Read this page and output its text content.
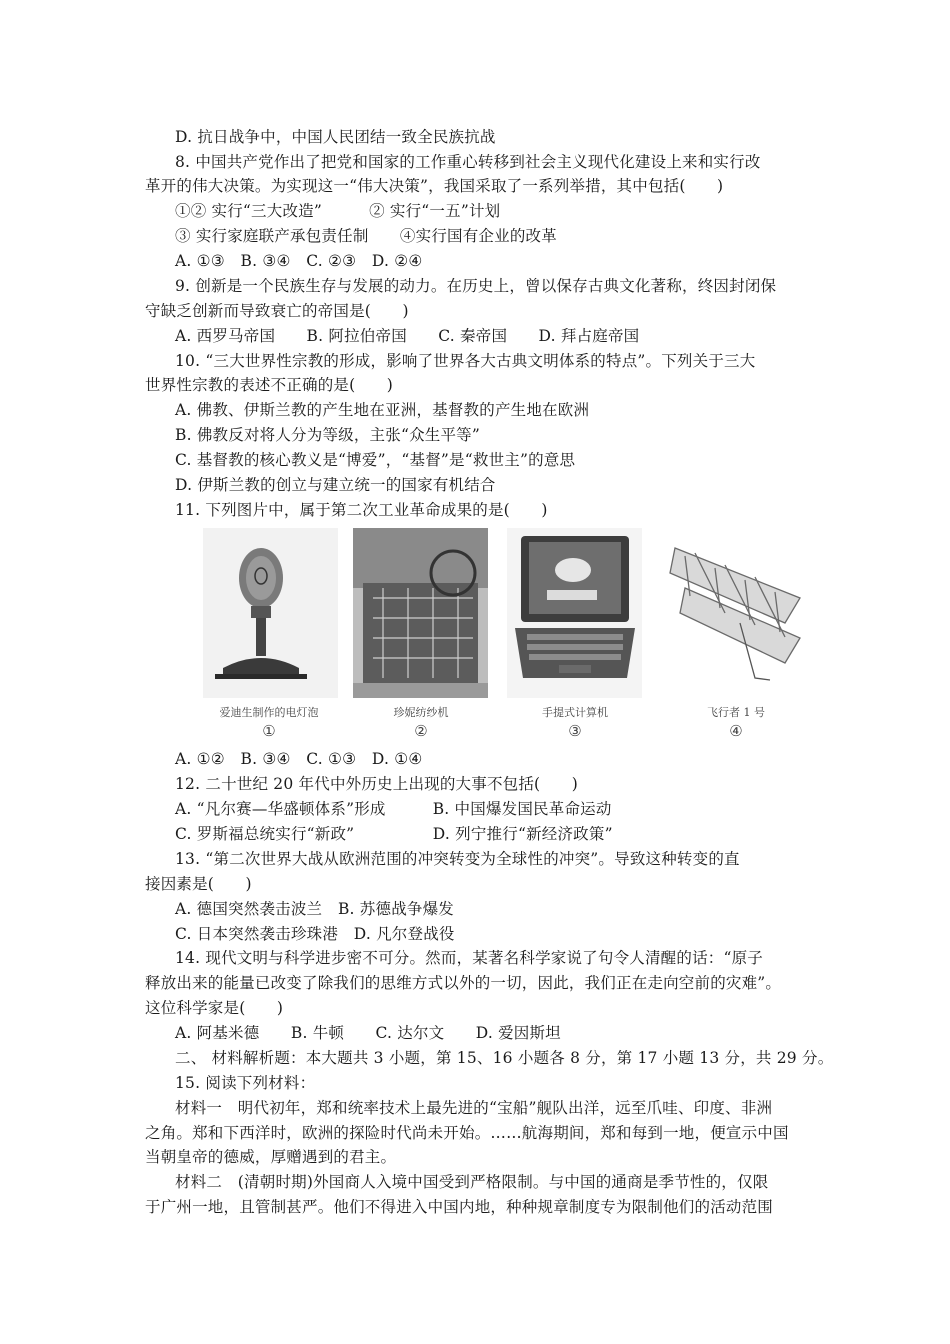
D. 抗日战争中，中国人民团结一致全民族抗战
8. 中国共产党作出了把党和国家的工作重心转移到社会主义现代化建设上来和实行改
革开的伟大决策。为实现这一“伟大决策”，我国采取了一系列举措，其中包括(　　)
①② 实行“三大改造”　　　② 实行“一五”计划
③ 实行家庭联产承包责任制　　④实行国有企业的改革
A. ①③　B. ③④　C. ②③　D. ②④
9. 创新是一个民族生存与发展的动力。在历史上，曾以保存古典文化著称，终因封闭保
守缺乏创新而导致衰亡的帝国是(　　)
A. 西罗马帝国　　B. 阿拉伯帝国　　C. 秦帝国　　D. 拜占庭帝国
10. “三大世界性宗教的形成，影响了世界各大古典文明体系的特点”。下列关于三大
世界性宗教的表述不正确的是(　　)
A. 佛教、伊斯兰教的产生地在亚洲，基督教的产生地在欧洲
B. 佛教反对将人分为等级，主张“众生平等”
C. 基督教的核心教义是“博爱”，“基督”是“救世主”的意思
D. 伊斯兰教的创立与建立统一的国家有机结合
11. 下列图片中，属于第二次工业革命成果的是(　　)
爱迪生制作的电灯泡
①
珍妮纺纱机
②
手提式计算机
③
飞行者 1 号
④
A. ①②　B. ③④　C. ①③　D. ①④
12. 二十世纪 20 年代中外历史上出现的大事不包括(　　)
A. “凡尔赛—华盛顿体系”形成　　　B. 中国爆发国民革命运动
C. 罗斯福总统实行“新政”　　　　　D. 列宁推行“新经济政策”
13. “第二次世界大战从欧洲范围的冲突转变为全球性的冲突”。导致这种转变的直
接因素是(　　)
A. 德国突然袭击波兰　B. 苏德战争爆发
C. 日本突然袭击珍珠港　D. 凡尔登战役
14. 现代文明与科学进步密不可分。然而，某著名科学家说了句令人清醒的话：“原子
释放出来的能量已改变了除我们的思维方式以外的一切，因此，我们正在走向空前的灾难”。
这位科学家是(　　)
A. 阿基米德　　B. 牛顿　　C. 达尔文　　D. 爱因斯坦
二、 材料解析题：本大题共 3 小题，第 15、16 小题各 8 分，第 17 小题 13 分，共 29 分。
15. 阅读下列材料：
材料一　明代初年，郑和统率技术上最先进的“宝船”舰队出洋，远至爪哇、印度、非洲
之角。郑和下西洋时，欧洲的探险时代尚未开始。……航海期间，郑和每到一地，便宣示中国
当朝皇帝的德威，厚赠遇到的君主。
材料二　(清朝时期)外国商人入境中国受到严格限制。与中国的通商是季节性的，仅限
于广州一地，且管制甚严。他们不得进入中国内地，种种规章制度专为限制他们的活动范围
